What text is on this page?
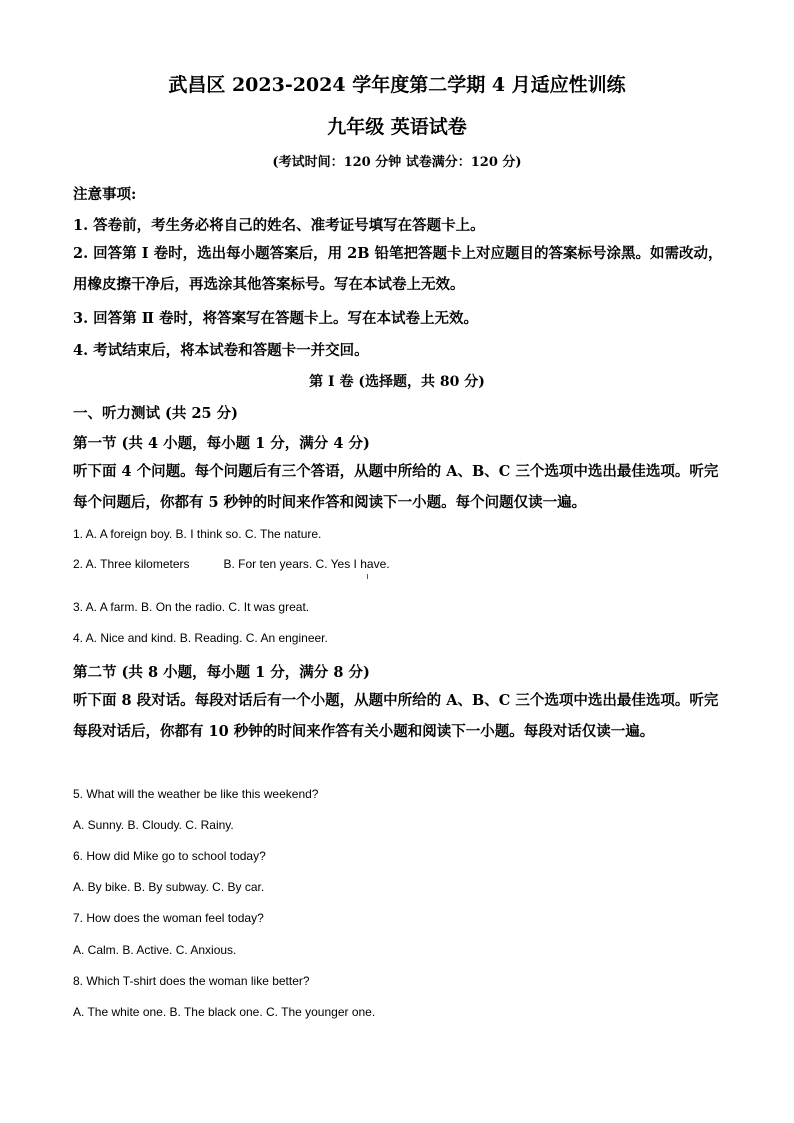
武昌区 2023-2024 学年度第二学期 4 月适应性训练
九年级 英语试卷
(考试时间：120 分钟 试卷满分：120 分)
注意事项:
1. 答卷前，考生务必将自己的姓名、准考证号填写在答题卡上。
2. 回答第 Ⅰ 卷时，选出每小题答案后，用 2B 铅笔把答题卡上对应题目的答案标号涂黑。如需改动，用橡皮擦干净后，再选涂其他答案标号。写在本试卷上无效。
3. 回答第 Ⅱ 卷时，将答案写在答题卡上。写在本试卷上无效。
4. 考试结束后，将本试卷和答题卡一并交回。
第 Ⅰ 卷 (选择题，共 80 分)
一、听力测试 (共 25 分)
第一节 (共 4 小题，每小题 1 分，满分 4 分)
听下面 4 个问题。每个问题后有三个答语，从题中所给的 A、B、C 三个选项中选出最佳选项。听完每个问题后，你都有 5 秒钟的时间来作答和阅读下一小题。每个问题仅读一遍。
1. A. A foreign boy. B. I think so. C. The nature.
2. A. Three kilometers	B. For ten years. C. Yes I have.
3. A. A farm. B. On the radio. C. It was great.
4. A. Nice and kind. B. Reading. C. An engineer.
第二节 (共 8 小题，每小题 1 分，满分 8 分)
听下面 8 段对话。每段对话后有一个小题，从题中所给的 A、B、C 三个选项中选出最佳选项。听完每段对话后，你都有 10 秒钟的时间来作答有关小题和阅读下一小题。每段对话仅读一遍。
5. What will the weather be like this weekend?
A. Sunny. B. Cloudy. C. Rainy.
6. How did Mike go to school today?
A. By bike. B. By subway. C. By car.
7. How does the woman feel today?
A. Calm. B. Active. C. Anxious.
8. Which T-shirt does the woman like better?
A. The white one. B. The black one. C. The younger one.
